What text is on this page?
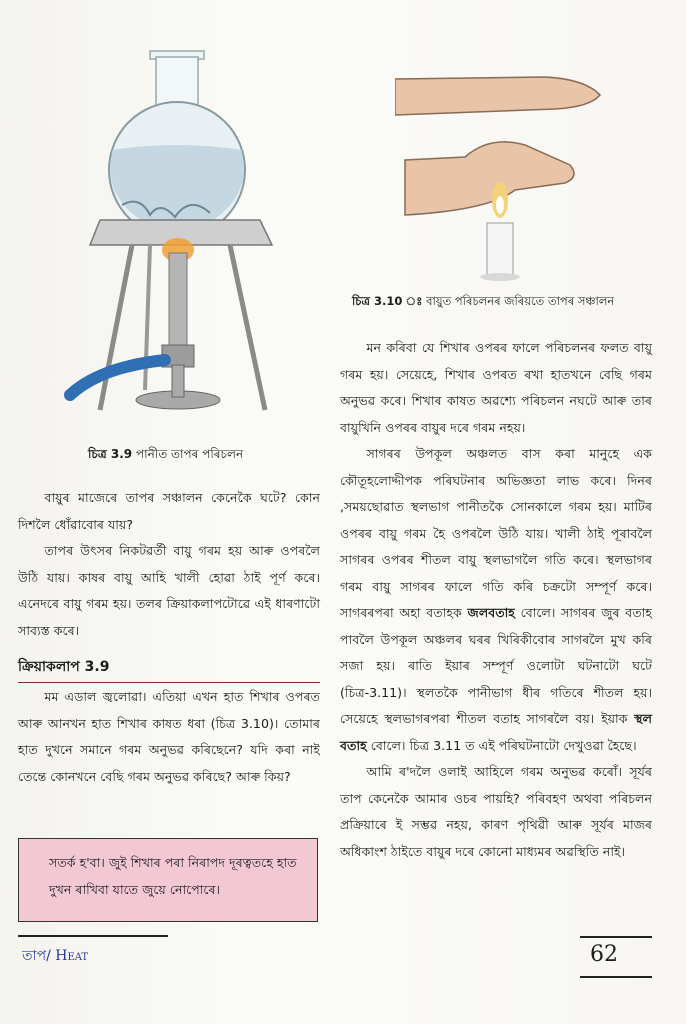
চিত্ৰ 3.10 ঃ বায়ুত পৰিচলনৰ জৰিয়তে তাপৰ সঞ্চালন
চিত্র 3.9 পানীত তাপৰ পৰিচলন

বায়ুৰ মাজেৰে তাপৰ সঞ্চালন কেনেকৈ ঘটে? কোন দিশলৈ ধোঁৱাবোৰ যায়?

তাপৰ উৎসৰ নিকটৱৰ্তী বায়ু গৰম হয় আৰু ওপৰলৈ উঠি যায়। কাষৰ বায়ু আহি খালী হোৱা ঠাই পূৰ্ণ কৰে। এনেদৰে বায়ু গৰম হয়। তলৰ ক্ৰিয়াকলাপটোৱে এই ধাৰণাটো সাব্যস্ত কৰে।

ক্ৰিয়াকলাপ 3.9

মম এডাল জ্বলোৱা। এতিয়া এখন হাত শিখাৰ ওপৰত আৰু আনখন হাত শিখাৰ কাষত ধৰা (চিত্ৰ 3.10)। তোমাৰ হাত দুখনে সমানে গৰম অনুভৱ কৰিছেনে? যদি কৰা নাই তেন্তে কোনখনে বেছি গৰম অনুভৱ কৰিছে? আৰু কিয়?

সতৰ্ক হ'বা। জুই শিখাৰ পৰা নিৰাপদ দূৰত্বতহে হাত দুখন ৰাখিবা যাতে জুয়ে নোপোৰে।

মন কৰিবা যে শিখাৰ ওপৰৰ ফালে পৰিচলনৰ ফলত বায়ু গৰম হয়। সেয়েহে, শিখাৰ ওপৰত ৰখা হাতখনে বেছি গৰম অনুভৱ কৰে। শিখাৰ কাষত অৱশ্যে পৰিচলন নঘটে আৰু তাৰ বায়ুখিনি ওপৰৰ বায়ুৰ দৰে গৰম নহয়।

সাগৰৰ উপকূল অঞ্চলত বাস কৰা মানুহে এক কৌতূহলোদ্দীপক পৰিঘটনাৰ অভিজ্ঞতা লাভ কৰে। দিনৰ ,সময়ছোৱাত স্থলভাগ পানীতকৈ সোনকালে গৰম হয়। মাটিৰ ওপৰৰ বায়ু গৰম হৈ ওপৰলৈ উঠি যায়। খালী ঠাই পূৰাবলৈ সাগৰৰ ওপৰৰ শীতল বায়ু স্থলভাগলৈ গতি কৰে। স্থলভাগৰ গৰম বায়ু সাগৰৰ ফালে গতি কৰি চক্ৰটো সম্পূৰ্ণ কৰে। সাগৰৰপৰা অহা বতাহক জলবতাহ বোলে। সাগৰৰ জুৰ বতাহ পাবলৈ উপকূল অঞ্চলৰ ঘৰৰ খিৰিকীবোৰ সাগৰলৈ মুখ কৰি সজা হয়। ৰাতি ইয়াৰ সম্পূৰ্ণ ওলোটা ঘটনাটো ঘটে (চিত্ৰ-3.11)। স্থলতকৈ পানীভাগ ধীৰ গতিৰে শীতল হয়। সেয়েহে স্থলভাগৰপৰা শীতল বতাহ সাগৰলৈ বয়। ইয়াক স্থল বতাহ বোলে। চিত্ৰ 3.11 ত এই পৰিঘটনাটো দেখুওৱা হৈছে।

আমি ৰ'দলৈ ওলাই আহিলে গৰম অনুভৱ কৰোঁ। সূৰ্যৰ তাপ কেনেকৈ আমাৰ ওচৰ পায়হি? পৰিবহণ অথবা পৰিচলন প্ৰক্ৰিয়াৰে ই সম্ভৱ নহয়, কাৰণ পৃথিৱী আৰু সূৰ্যৰ মাজৰ অধিকাংশ ঠাইতে বায়ুৰ দৰে কোনো মাধ্যমৰ অৱস্থিতি নাই।

তাপ/ Heat	62
